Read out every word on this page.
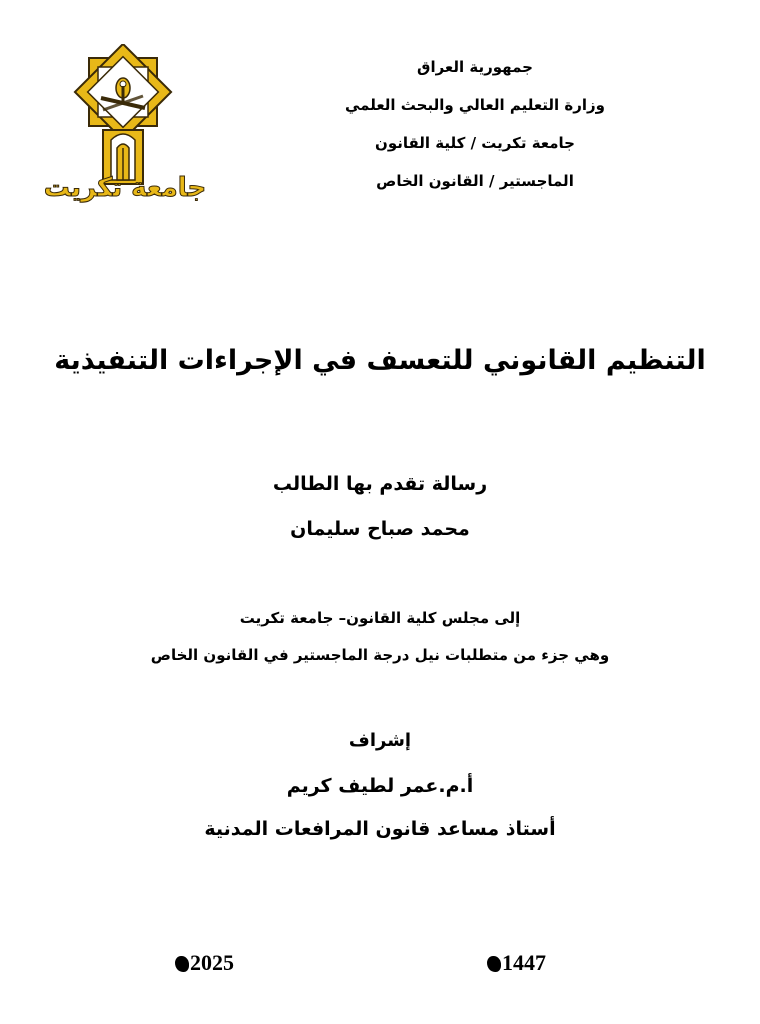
جامعة تكريت
جمهورية العراق
وزارة التعليم العالي والبحث العلمي
جامعة تكريت / كلية القانون
الماجستير / القانون الخاص
التنظيم القانوني للتعسف في الإجراءات التنفيذية
رسالة تقدم بها الطالب
محمد صباح سليمان
إلى مجلس كلية القانون– جامعة تكريت
وهي جزء من متطلبات نيل درجة الماجستير في القانون الخاص
إشراف
أ.م.عمر لطيف كريم
أستاذ مساعد قانون المرافعات المدنية
2025	1447
